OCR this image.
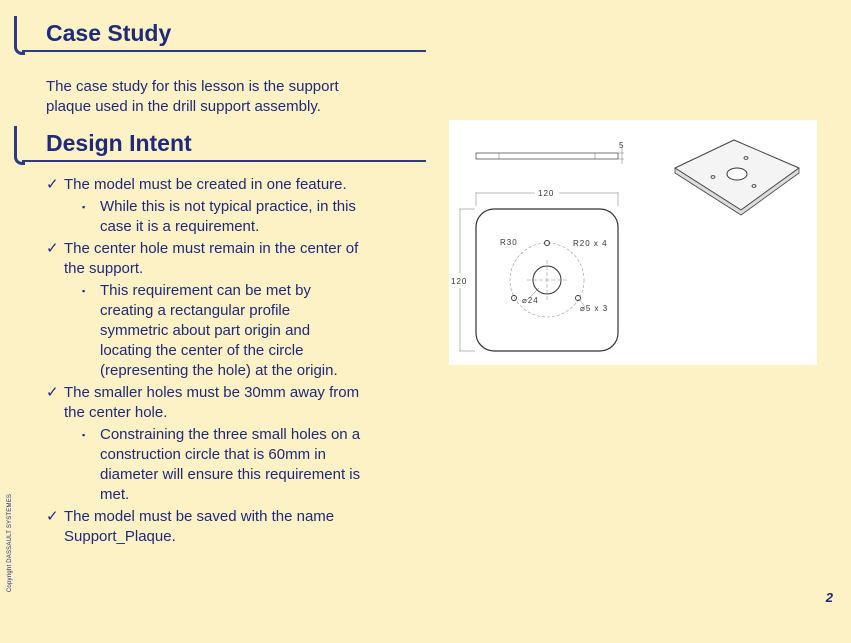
Case Study
The case study for this lesson is the support
plaque used in the drill support assembly.
Design Intent
✓ The model must be created in one feature.
▪ While this is not typical practice, in this
case it is a requirement.
✓ The center hole must remain in the center of
the support.
▪ This requirement can be met by
creating a rectangular profile
symmetric about part origin and
locating the center of the circle
(representing the hole) at the origin.
✓ The smaller holes must be 30mm away from
the center hole.
▪ Constraining the three small holes on a
construction circle that is 60mm in
diameter will ensure this requirement is
met.
✓ The model must be saved with the name
Support_Plaque.
5
120
120
R30	R20 x 4
⌀24
⌀5 x 3
Copyright DASSAULT SYSTEMES
2
